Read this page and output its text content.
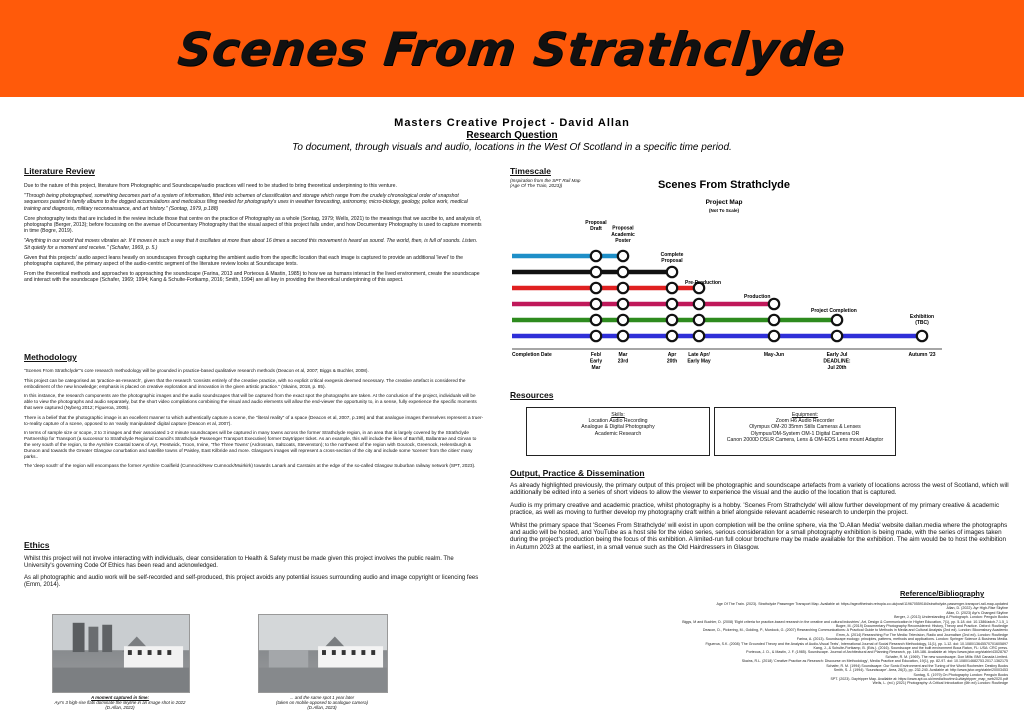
Scenes From Strathclyde
Masters Creative Project - David Allan
Research Question
To document, through visuals and audio, locations in the West Of Scotland in a specific time period.
Literature Review

Due to the nature of this project, literature from Photographic and Soundscape/audio practices will need to be studied to bring theoretical underpinning to this venture.

"Through being photographed, something becomes part of a system of information, fitted into schemes of classification and storage which range from the crudely chronological order of snapshot sequences pasted in family albums to the dogged accumulations and meticulous filing needed for photography's uses in weather forecasting, astronomy, micro-biology, geology, police work, medical training and diagnosis, military reconnaissance, and art history." (Sontag, 1979, p.188)

Core photography texts that are included in the review include those that centre on the practice of Photography as a whole (Sontag, 1979; Wells, 2021) to the meanings that we ascribe to, and analysis of, photographs (Berger, 2013); before focussing on the avenue of Documentary Photography that the visual aspect of this project falls under, and how Documentary Photography is used to capture moments in time (Bogre, 2019).

"Anything in our world that moves vibrates air. If it moves in such a way that it oscillates at more than about 16 times a second this movement is heard as sound. The world, then, is full of sounds. Listen. Sit quietly for a moment and receive." (Schafer, 1969, p. 5.)

Given that this projects' audio aspect leans heavily on soundscapes through capturing the ambient audio from the specific location that each image is captured to provide an additional 'level' to the photographs captured, the primary aspect of the audio-centric segment of the literature review looks at Soundscape texts.

From the theoretical methods and approaches to approaching the soundscape (Farina, 2013 and Porteous & Mastin, 1985) to how we as humans interact in the lived environment, create the soundscape and interact with the soundscape (Schafer, 1969; 1994; Kang & Schulte-Fortkamp, 2016; Smith, 1994) are all key in providing the theoretical underpinning of this aspect.

Methodology

"Scenes From Strathclyde"'s core research methodology will be grounded in practice-based qualitative research methods (Deacon et al, 2007; Biggs & Buchler, 2008).

This project can be categorised as 'practice-as-research', given that the research 'consists entirely of the creative practice, with no explicit critical exegesis deemed necessary. The creative artefact is considered the embodiment of the new knowledge; emphasis is placed on creative exploration and innovation in the given artistic practice." (Skains, 2018, p. 85).

In this instance, the research components are the photographic images and the audio soundscapes that will be captured from the exact spot the photographs are taken. At the conclusion of the project, individuals will be able to view the photographs and audio separately, but the short video compilations combining the visual and audio elements will allow the end-viewer the opportunity to, in a sense, fully experience the specific moments that were captured (Nyberg 2012; Figueroa, 2005).

There is a belief that the photographic image is an excellent manner to which authentically capture a scene, the "literal reality" of a space (Deacon et al, 2007, p.196) and that analogue images themselves represent a truer-to-reality capture of a scene, opposed to an 'easily manipulated' digital capture (Deacon et al, 2007).

In terms of sample size or scope, 2 to 3 images and their associated 1-2 minute soundscapes will be captured in many towns across the former Strathclyde region, in an area that is largely covered by the Strathclyde Partnership for Transport (a successor to Strathclyde Regional Council's Strathclyde Passenger Transport Executive) former Daytripper ticket. As an example, this will include the likes of Barrhill, Ballantrae and Girvan to the very south of the region, to the Ayrshire Coastal towns of Ayr, Prestwick, Troon, Irvine, 'The Three Towns' (Ardrossan, Saltcoats, Stevenston); to the northwest of the region with Gourock, Greenock, Helensburgh & Dunoon and towards the Greater Glasgow conurbation and satellite towns of Paisley, East Kilbride and more. Glasgow's images will represent a cross-section of the city and include some 'scenes' from the cities' many parks..

The 'deep south' of the region will encompass the former Ayrshire Coalfield (Cumnock/New Cumnock/Muirkirk) towards Lanark and Carstairs at the edge of the so-called Glasgow Suburban railway network (SPT, 2023).

Ethics

Whilst this project will not involve interacting with individuals, clear consideration to Health & Safety must be made given this project involves the public realm. The University's governing Code Of Ethics has been read and acknowledged.

As all photographic and audio work will be self-recorded and self-produced, this project avoids any potential issues surrounding audio and image copyright or licencing fees (Emm, 2014).

A moment captured in time:
Ayr's 3 high-rise flats dominate the skyline in an image shot in 2022
(D.Allan, 2022)
... and the same spot 1 year later
(taken on mobile opposed to analogue camera)
(D.Allan, 2023)
Timescale
(Inspiration from the SPT Rail Map
(Age Of The Train, 2023))	Scenes From Strathclyde
Project Map
(Not To Scale)
Proposal
Draft
Feb/
Early
Mar
Proposal
Academic
Poster
Mar
23rd
Complete
Proposal
Apr
20th
Pre-Production
Late Apr/
Early May
Production
May-Jun
Project Completion
Early Jul
DEADLINE:
Jul 20th
Exhibition
(TBC)
Autumn '23
Completion Date
Resources
Skills:
Location Audio Recording
Analogue & Digital Photography
Academic Research
Equipment:
Zoom H6 Audio Recorder
Olympus OM-20 35mm Stills Cameras & Lenses
Olympus/OM-System OM-1 Digital Camera OR
Canon 2000D DSLR Camera, Lens & OM-EOS Lens mount Adaptor
Output, Practice & Dissemination

As already highlighted previously, the primary output of this project will be photographic and soundscape artefacts from a variety of locations across the west of Scotland, which will additionally be edited into a series of short videos to allow the viewer to experience the visual and the audio of the location that is captured.

Audio is my primary creative and academic practice, whilst photography is a hobby. 'Scenes From Strathclyde' will allow further development of my primary creative & academic practice, as well as moving to further develop my photography craft within a brief alongside relevant academic research to underpin the project.

Whilst the primary space that 'Scenes From Strathclyde' will exist in upon completion will be the online sphere, via the 'D.Allan Media' website dallan.media where the photographs and audio will be hosted, and YouTube as a host site for the video series, serious consideration for a small photography exhibition is being made, with the series of images taken during the project's production being the focus of this exhibition. A limited-run full colour brochure may be made available for the exhibition. The aim would be to host the exhibition in Autumn 2023 at the earliest, in a small venue such as the Old Hairdressers in Glasgow.

Reference/Bibliography
Age Of The Train. (2023). Strathclyde Passenger Transport Map. Available at: https://ageofthetrain.retropia.co.uk/post/119670559184/strathclyde-passenger-transport-rail-map-updated
Allan, D. (2022). Ayr High-Rise Skyline
Allan, D. (2023) Ayr's Changed Skyline
Berger, J. (2013) Understanding A Photograph. London: Penguin Books
Biggs, M and Buchler, D. (2008) 'Eight criteria for practice-based research in the creative and cultural industries', Art, Design & Communication in Higher Education, 7(1), pp. 5-18. doi: 10.1386/adch.7.1.5_1
Bogre, M. (2019) Documentary Photography Reconsidered: History, Theory and Practice. Oxford: Routledge
Deacon, D., Pickering, M., Golding, P., Murdock, G. (2007) Researching Communications: A Practical Guide to Methods in Media and Cultural Analysis (2nd ed). London: Bloomsbury Academic
Emm, A. (2014) Researching For The Media: Television, Radio and Journalism (2nd ed). London: Routledge
Farina, A. (2013). Soundscape ecology: principles, patterns, methods and applications. London: Springer Science & Business Media.
Figueroa, S.K. (2008) 'The Grounded Theory and the Analysis of Audio-Visual Texts', International Journal of Social Research Methodology, 11(1), pp. 1-12. doi: 10.1080/13645570701605897
Kang, J., & Schulte-Fortkamp, B. (Eds.). (2016). Soundscape and the built environment Boca Raton, FL: USA: CRC press.
Porteous, J. D., & Mastin, J. F. (1985). Soundscape. Journal of Architectural and Planning Research, pp. 169-186. Available at: https://www.jstor.org/stable/43028767
Schafer, R. M. (1969). The new soundscape. Don Mills: BMI Canada Limited.
Skains, R.L. (2018) 'Creative Practice as Research: Discourse on Methodology', Media Practice and Education, 19(1), pp. 82-97. doi: 10.1080/14682753.2017.1362175
Schafer, R. M. (1994) Soundscape: Our Sonic Environment and the Tuning of the World Rochester: Destiny Books
Smith, S. J. (1994). 'Soundscape'. Area, 26(3), pp. 232-240. Available at: http://www.jstor.org/stable/20003453
Sontag, S. (1979) On Photography London: Penguin Books
SPT. (2023). Daytripper Map. Available at: https://www.spt.co.uk/media/buvlmn1u/daytripper_map_web2020.pdf
Wells, L. (ed.) (2021) Photography: A Critical Introduction (6th ed) London: Routledge
